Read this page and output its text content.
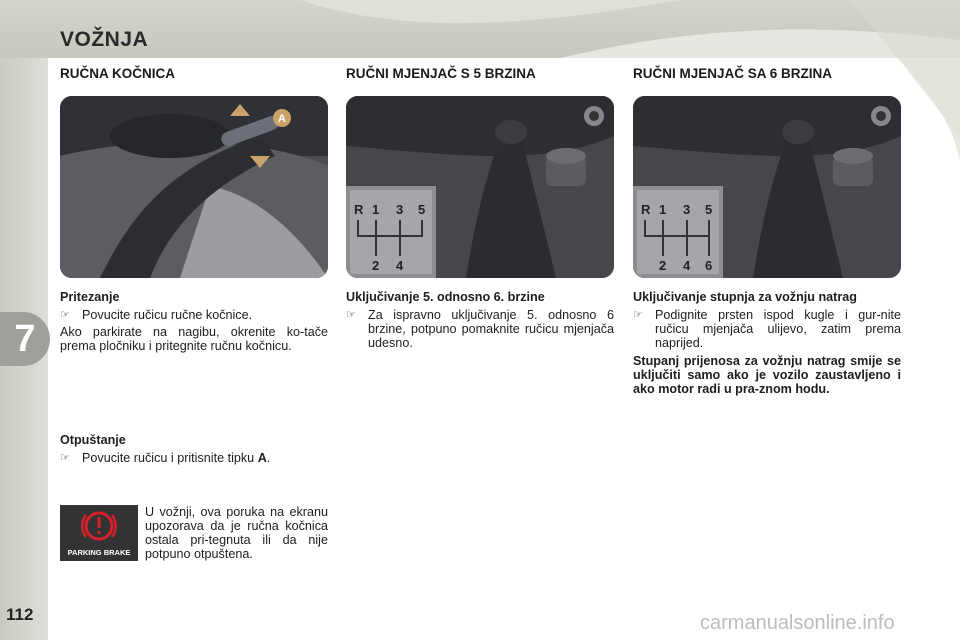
VOŽNJA
7
112
RUČNA KOČNICA	RUČNI MJENJAČ S 5 BRZINA	RUČNI MJENJAČ SA 6 BRZINA
A
R 1 3 5
2 4
R 1 3 5
2 4 6
Pritezanje
☞ Povucite ručicu ručne kočnice.
Ako parkirate na nagibu, okrenite ko-tače prema pločniku i pritegnite ručnu kočnicu.
Otpuštanje
☞ Povucite ručicu i pritisnite tipku A.
PARKING BRAKE
U vožnji, ova poruka na ekranu upozorava da je ručna kočnica ostala pri-tegnuta ili da nije potpuno otpuštena.
Uključivanje 5. odnosno 6. brzine
☞ Za ispravno uključivanje 5. odnosno 6 brzine, potpuno pomaknite ručicu mjenjača udesno.
Uključivanje stupnja za vožnju natrag
☞ Podignite prsten ispod kugle i gur-nite ručicu mjenjača ulijevo, zatim prema naprijed.
Stupanj prijenosa za vožnju natrag smije se uključiti samo ako je vozilo zaustavljeno i ako motor radi u pra-znom hodu.
carmanualsonline.info
